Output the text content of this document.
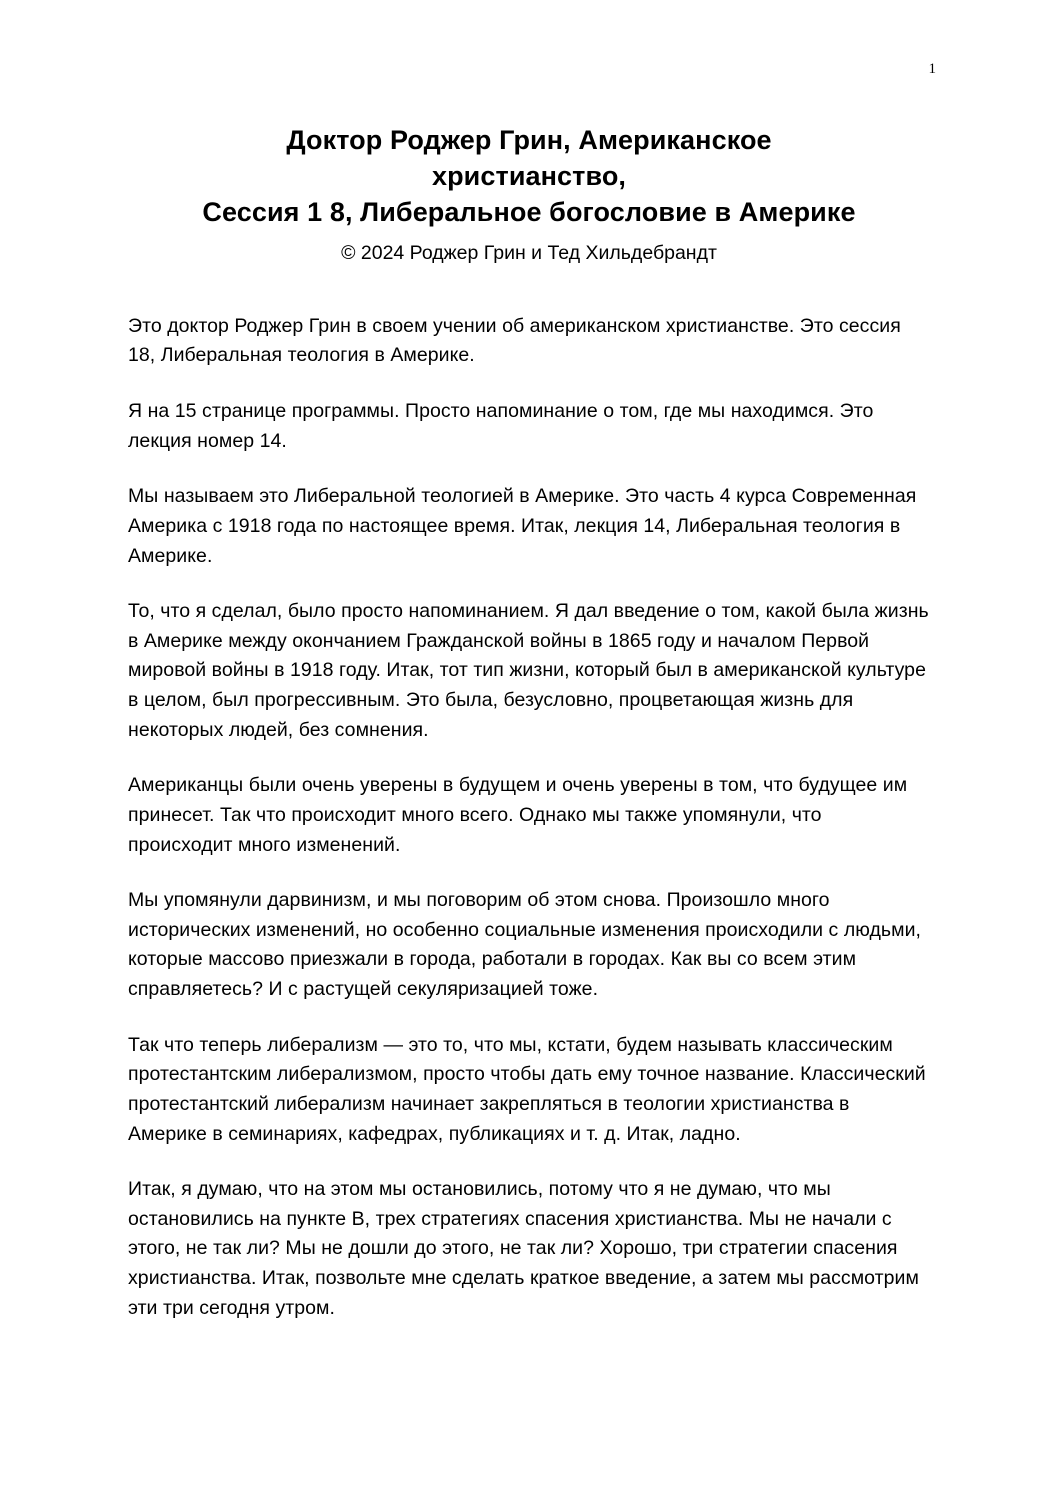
1
Доктор Роджер Грин, Американское
христианство,
Сессия 1 8, Либеральное богословие в Америке
© 2024 Роджер Грин и Тед Хильдебрандт

Это доктор Роджер Грин в своем учении об американском христианстве. Это сессия 18, Либеральная теология в Америке.

Я на 15 странице программы. Просто напоминание о том, где мы находимся. Это лекция номер 14.

Мы называем это Либеральной теологией в Америке. Это часть 4 курса Современная Америка с 1918 года по настоящее время. Итак, лекция 14, Либеральная теология в Америке.

То, что я сделал, было просто напоминанием. Я дал введение о том, какой была жизнь в Америке между окончанием Гражданской войны в 1865 году и началом Первой мировой войны в 1918 году. Итак, тот тип жизни, который был в американской культуре в целом, был прогрессивным. Это была, безусловно, процветающая жизнь для некоторых людей, без сомнения.

Американцы были очень уверены в будущем и очень уверены в том, что будущее им принесет. Так что происходит много всего. Однако мы также упомянули, что происходит много изменений.

Мы упомянули дарвинизм, и мы поговорим об этом снова. Произошло много исторических изменений, но особенно социальные изменения происходили с людьми, которые массово приезжали в города, работали в городах. Как вы со всем этим справляетесь? И с растущей секуляризацией тоже.

Так что теперь либерализм — это то, что мы, кстати, будем называть классическим протестантским либерализмом, просто чтобы дать ему точное название. Классический протестантский либерализм начинает закрепляться в теологии христианства в Америке в семинариях, кафедрах, публикациях и т. д. Итак, ладно.

Итак, я думаю, что на этом мы остановились, потому что я не думаю, что мы остановились на пункте B, трех стратегиях спасения христианства. Мы не начали с этого, не так ли? Мы не дошли до этого, не так ли? Хорошо, три стратегии спасения христианства. Итак, позвольте мне сделать краткое введение, а затем мы рассмотрим эти три сегодня утром.
